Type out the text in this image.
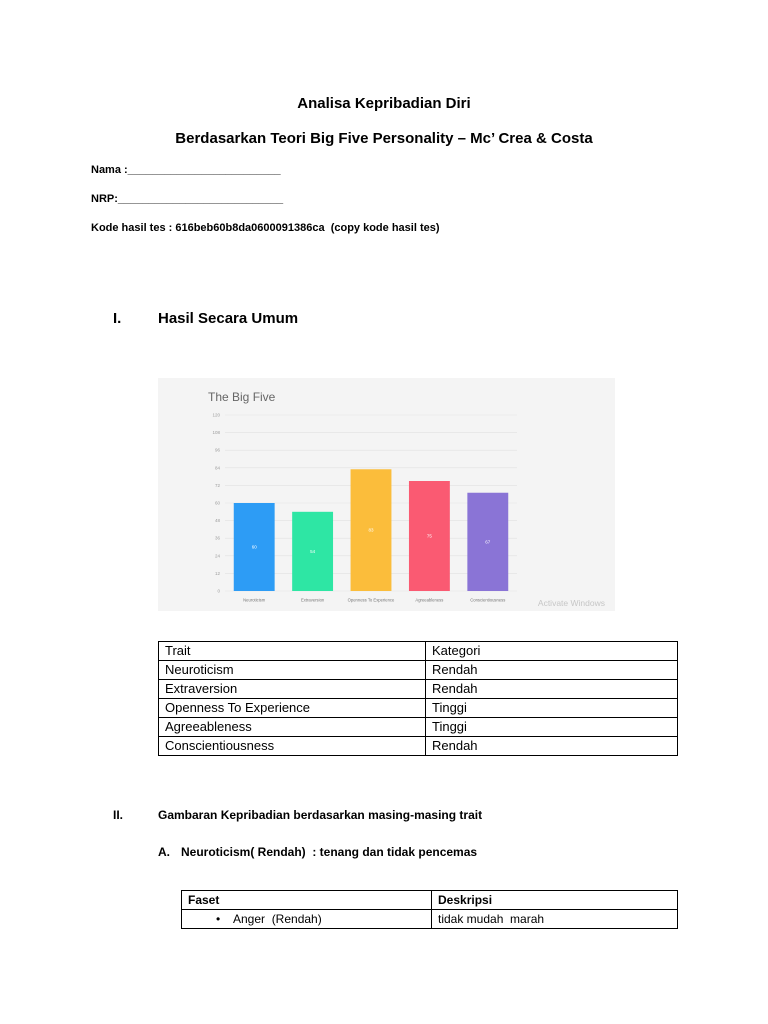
Analisa Kepribadian Diri

Berdasarkan Teori Big Five Personality – Mc’ Crea & Costa

Nama :_________________________

NRP:___________________________

Kode hasil tes : 616beb60b8da0600091386ca  (copy kode hasil tes)

I. Hasil Secara Umum

The Big Five
0
12
24
36
48
60
72
84
96
108
120
60
54
83
75
67
Neuroticism	Extraversion	Openness To Experience	Agreeableness	Conscientiousness	Activate Windows
Trait	Kategori
Neuroticism	Rendah
Extraversion	Rendah
Openness To Experience	Tinggi
Agreeableness	Tinggi
Conscientiousness	Rendah

II.	Gambaran Kepribadian berdasarkan masing-masing trait

A. Neuroticism( Rendah)  : tenang dan tidak pencemas

Faset	Deskripsi
• Anger  (Rendah)	tidak mudah  marah
